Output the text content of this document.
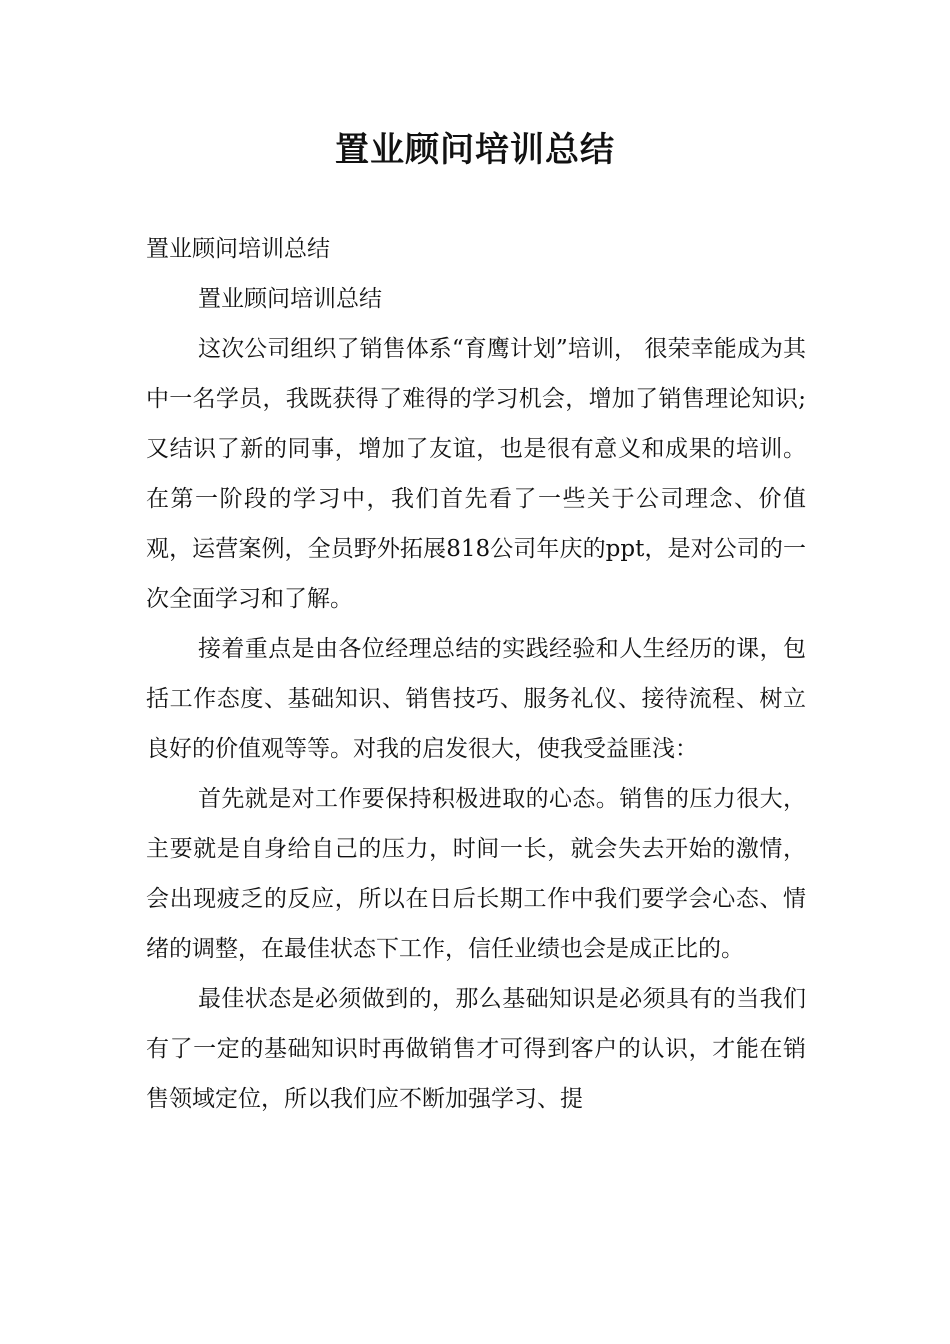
置业顾问培训总结

置业顾问培训总结

置业顾问培训总结

这次公司组织了销售体系“育鹰计划”培训， 很荣幸能成为其中一名学员，我既获得了难得的学习机会，增加了销售理论知识;又结识了新的同事，增加了友谊，也是很有意义和成果的培训。在第一阶段的学习中，我们首先看了一些关于公司理念、价值观，运营案例，全员野外拓展818公司年庆的ppt，是对公司的一次全面学习和了解。

接着重点是由各位经理总结的实践经验和人生经历的课，包括工作态度、基础知识、销售技巧、服务礼仪、接待流程、树立良好的价值观等等。对我的启发很大，使我受益匪浅：

首先就是对工作要保持积极进取的心态。销售的压力很大，主要就是自身给自己的压力，时间一长，就会失去开始的激情，会出现疲乏的反应，所以在日后长期工作中我们要学会心态、情绪的调整，在最佳状态下工作，信任业绩也会是成正比的。

最佳状态是必须做到的，那么基础知识是必须具有的当我们有了一定的基础知识时再做销售才可得到客户的认识，才能在销售领域定位，所以我们应不断加强学习、提
